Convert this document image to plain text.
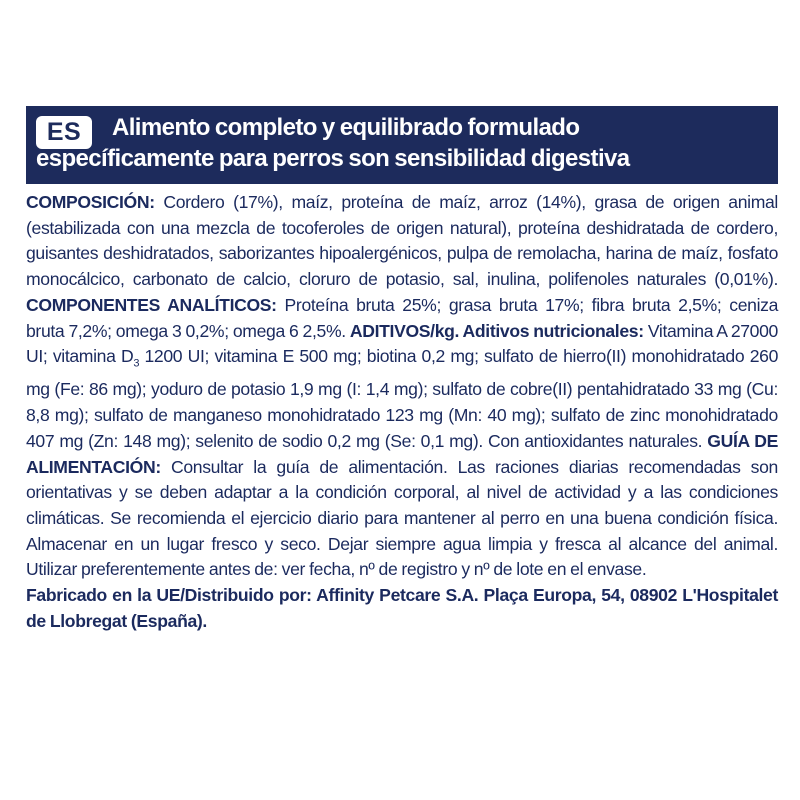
ES	Alimento completo y equilibrado formulado
específicamente para perros son sensibilidad digestiva
COMPOSICIÓN: Cordero (17%), maíz, proteína de maíz, arroz (14%), grasa de origen animal (estabilizada con una mezcla de tocoferoles de origen natural), proteína deshidratada de cordero, guisantes deshidratados, saborizantes hipoalergénicos, pulpa de remolacha, harina de maíz, fosfato monocálcico, carbonato de calcio, cloruro de potasio, sal, inulina, polifenoles naturales (0,01%). COMPONENTES ANALÍTICOS: Proteína bruta 25%; grasa bruta 17%; fibra bruta 2,5%; ceniza bruta 7,2%; omega 3 0,2%; omega 6 2,5%. ADITIVOS/kg. Aditivos nutricionales: Vitamina A 27000 UI; vitamina $D_3$ 1200 UI; vitamina E 500 mg; biotina 0,2 mg; sulfato de hierro(II) monohidratado 260 mg (Fe: 86 mg); yoduro de potasio 1,9 mg (I: 1,4 mg); sulfato de cobre(II) pentahidratado 33 mg (Cu: 8,8 mg); sulfato de manganeso monohidratado 123 mg (Mn: 40 mg); sulfato de zinc monohidratado 407 mg (Zn: 148 mg); selenito de sodio 0,2 mg (Se: 0,1 mg). Con antioxidantes naturales. GUÍA DE ALIMENTACIÓN: Consultar la guía de alimentación. Las raciones diarias recomendadas son orientativas y se deben adaptar a la condición corporal, al nivel de actividad y a las condiciones climáticas. Se recomienda el ejercicio diario para mantener al perro en una buena condición física. Almacenar en un lugar fresco y seco. Dejar siempre agua limpia y fresca al alcance del animal. Utilizar preferentemente antes de: ver fecha, nº de registro y nº de lote en el envase.
Fabricado en la UE/Distribuido por: Affinity Petcare S.A. Plaça Europa, 54, 08902 L'Hospitalet de Llobregat (España).
